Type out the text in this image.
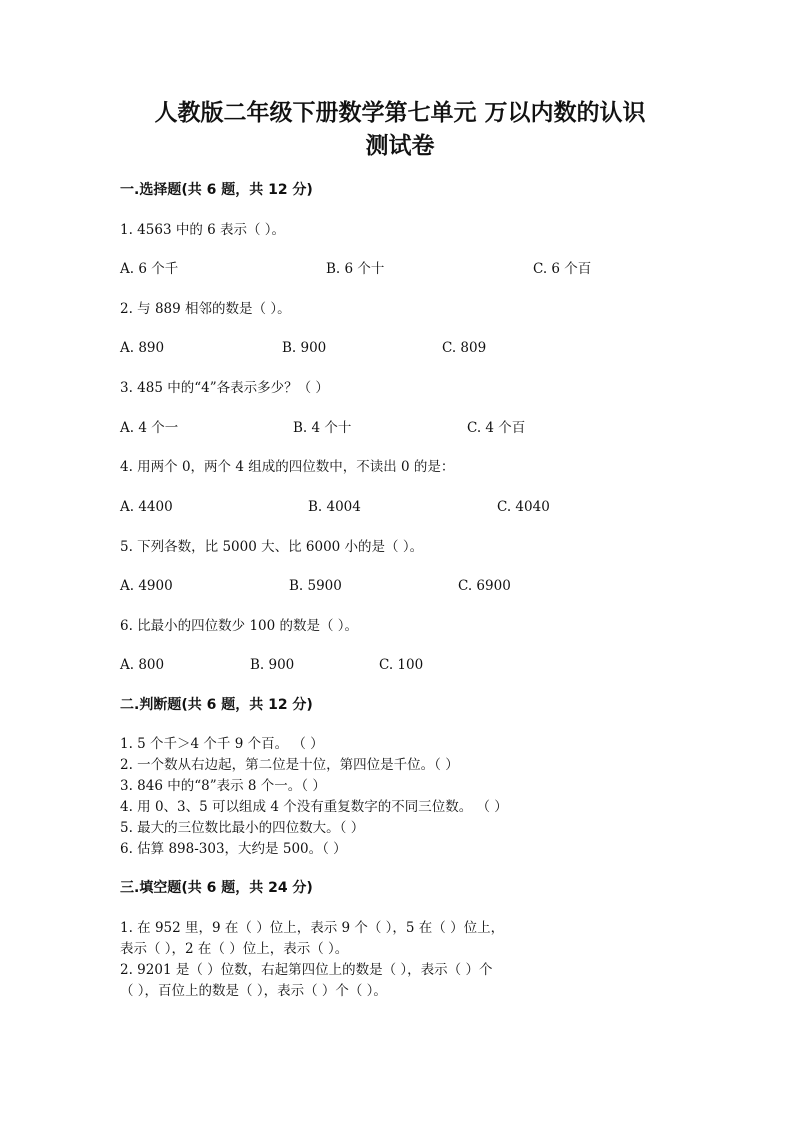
人教版二年级下册数学第七单元 万以内数的认识
测试卷
一.选择题(共 6 题，共 12 分)
1. 4563 中的 6 表示（ ）。
A. 6 个千	B. 6 个十	C. 6 个百
2. 与 889 相邻的数是（ ）。
A. 890	B. 900	C. 809
3. 485 中的“4”各表示多少？（ ）
A. 4 个一	B. 4 个十	C. 4 个百
4. 用两个 0，两个 4 组成的四位数中，不读出 0 的是：
A. 4400	B. 4004	C. 4040
5. 下列各数，比 5000 大、比 6000 小的是（ ）。
A. 4900	B. 5900	C. 6900
6. 比最小的四位数少 100 的数是（ ）。
A. 800	B. 900	C. 100
二.判断题(共 6 题，共 12 分)
1. 5 个千＞4 个千 9 个百。 （ ）
2. 一个数从右边起，第二位是十位，第四位是千位。（ ）
3. 846 中的“8”表示 8 个一。（ ）
4. 用 0、3、5 可以组成 4 个没有重复数字的不同三位数。 （ ）
5. 最大的三位数比最小的四位数大。（ ）
6. 估算 898-303，大约是 500。（ ）
三.填空题(共 6 题，共 24 分)
1. 在 952 里，9 在（ ）位上，表示 9 个（ ），5 在（ ）位上，
表示（ ），2 在（ ）位上，表示（ ）。
2. 9201 是（ ）位数，右起第四位上的数是（ ），表示（ ）个
（ ），百位上的数是（ ），表示（ ）个（ ）。
